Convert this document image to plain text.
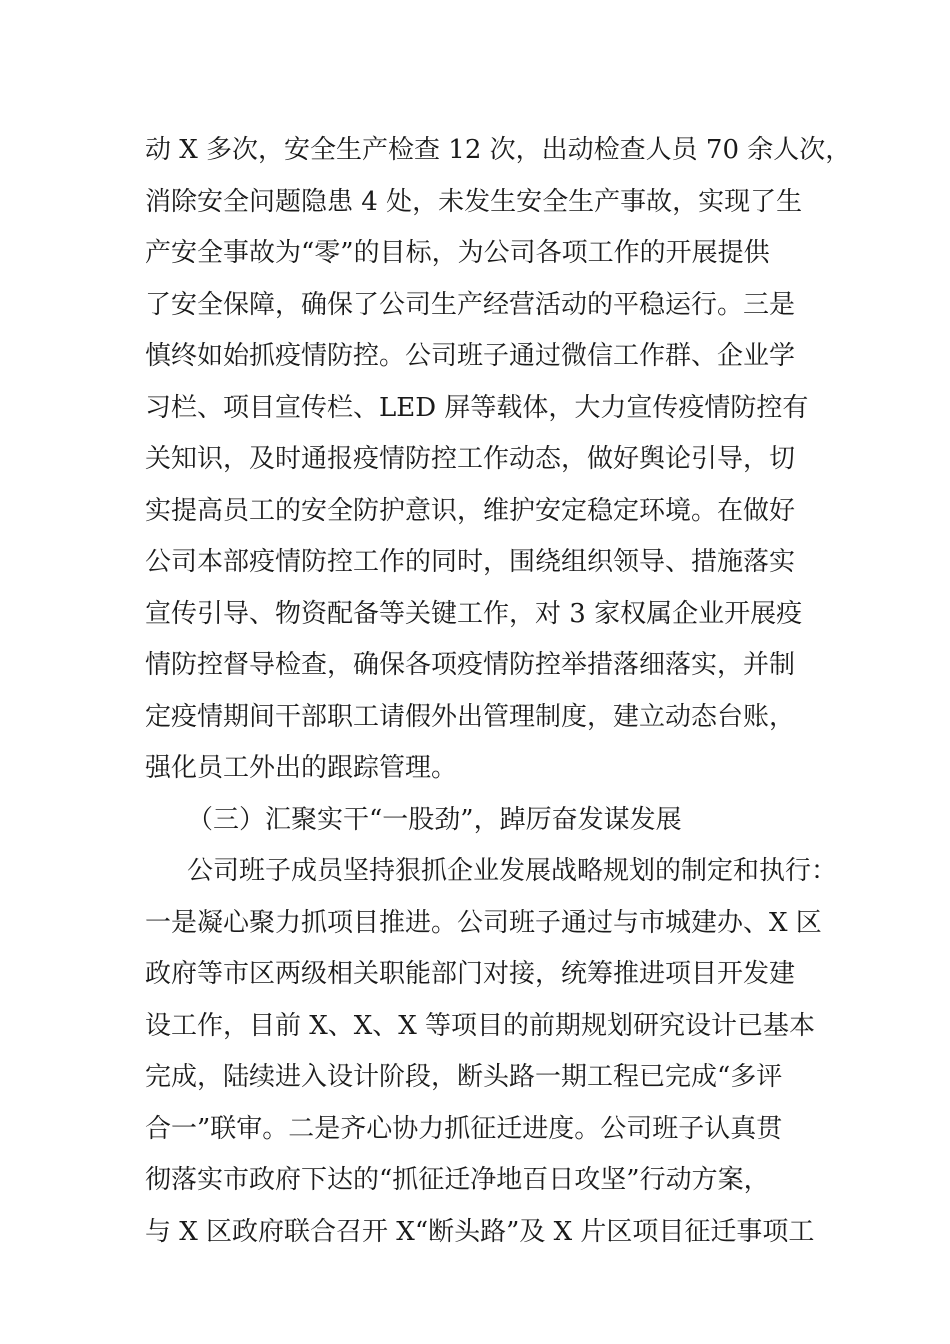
动 X 多次，安全生产检查 12 次，出动检查人员 70 余人次，
消除安全问题隐患 4 处，未发生安全生产事故，实现了生
产安全事故为“零”的目标，为公司各项工作的开展提供
了安全保障，确保了公司生产经营活动的平稳运行。三是
慎终如始抓疫情防控。公司班子通过微信工作群、企业学
习栏、项目宣传栏、LED 屏等载体，大力宣传疫情防控有
关知识，及时通报疫情防控工作动态，做好舆论引导，切
实提高员工的安全防护意识，维护安定稳定环境。在做好
公司本部疫情防控工作的同时，围绕组织领导、措施落实
宣传引导、物资配备等关键工作，对 3 家权属企业开展疫
情防控督导检查，确保各项疫情防控举措落细落实，并制
定疫情期间干部职工请假外出管理制度，建立动态台账，
强化员工外出的跟踪管理。
（三）汇聚实干“一股劲”，踔厉奋发谋发展
公司班子成员坚持狠抓企业发展战略规划的制定和执行：
一是凝心聚力抓项目推进。公司班子通过与市城建办、X 区
政府等市区两级相关职能部门对接，统筹推进项目开发建
设工作，目前 X、X、X 等项目的前期规划研究设计已基本
完成，陆续进入设计阶段，断头路一期工程已完成“多评
合一”联审。二是齐心协力抓征迁进度。公司班子认真贯
彻落实市政府下达的“抓征迁净地百日攻坚”行动方案，
与 X 区政府联合召开 X“断头路”及 X 片区项目征迁事项工
